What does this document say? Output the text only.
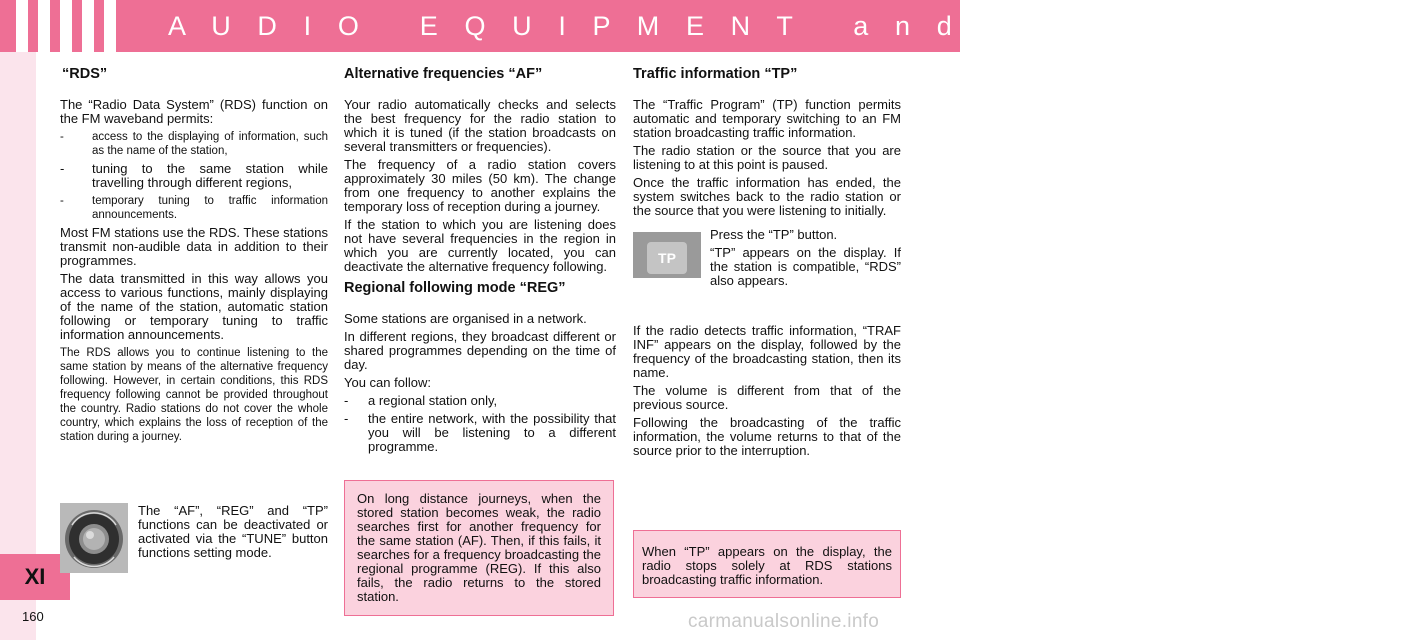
A U D I O   E Q U I P M E N T   a n d   T E L E M A T I C S
XI
160	carmanualsonline.info
“RDS”

The “Radio Data System” (RDS) function on the FM waveband permits:

- access to the displaying of information, such as the name of the station,
- tuning to the same station while travelling through different regions,
- temporary tuning to traffic information announcements.

Most FM stations use the RDS. These stations transmit non-audible data in addition to their programmes.

The data transmitted in this way allows you access to various functions, mainly displaying of the name of the station, automatic station following or temporary tuning to traffic information announcements.

The RDS allows you to continue listening to the same station by means of the alternative frequency following. However, in certain conditions, this RDS frequency following cannot be provided throughout the country. Radio stations do not cover the whole country, which explains the loss of reception of the station during a journey.

The “AF”, “REG” and “TP” functions can be deactivated or activated via the “TUNE” button functions setting mode.
Alternative frequencies “AF”

Your radio automatically checks and selects the best frequency for the radio station to which it is tuned (if the station broadcasts on several transmitters or frequencies).

The frequency of a radio station covers approximately 30 miles (50 km). The change from one frequency to another explains the temporary loss of reception during a journey.

If the station to which you are listening does not have several frequencies in the region in which you are currently located, you can deactivate the alternative frequency following.

Regional following mode “REG”

Some stations are organised in a network.

In different regions, they broadcast different or shared programmes depending on the time of day.

You can follow:

- a regional station only,
- the entire network, with the possibility that you will be listening to a different programme.
On long distance journeys, when the stored station becomes weak, the radio searches first for another frequency for the same station (AF). Then, if this fails, it searches for a frequency broadcasting the regional programme (REG). If this also fails, the radio returns to the stored station.
Traffic information “TP”

The “Traffic Program” (TP) function permits automatic and temporary switching to an FM station broadcasting traffic information.

The radio station or the source that you are listening to at this point is paused.

Once the traffic information has ended, the system switches back to the radio station or the source that you were listening to initially.

TP

Press the “TP” button.

“TP” appears on the display. If the station is compatible, “RDS” also appears.

If the radio detects traffic information, “TRAF INF” appears on the display, followed by the frequency of the broadcasting station, then its name.

The volume is different from that of the previous source.

Following the broadcasting of the traffic information, the volume returns to that of the source prior to the interruption.

When “TP” appears on the display, the radio stops solely at RDS stations broadcasting traffic information.
